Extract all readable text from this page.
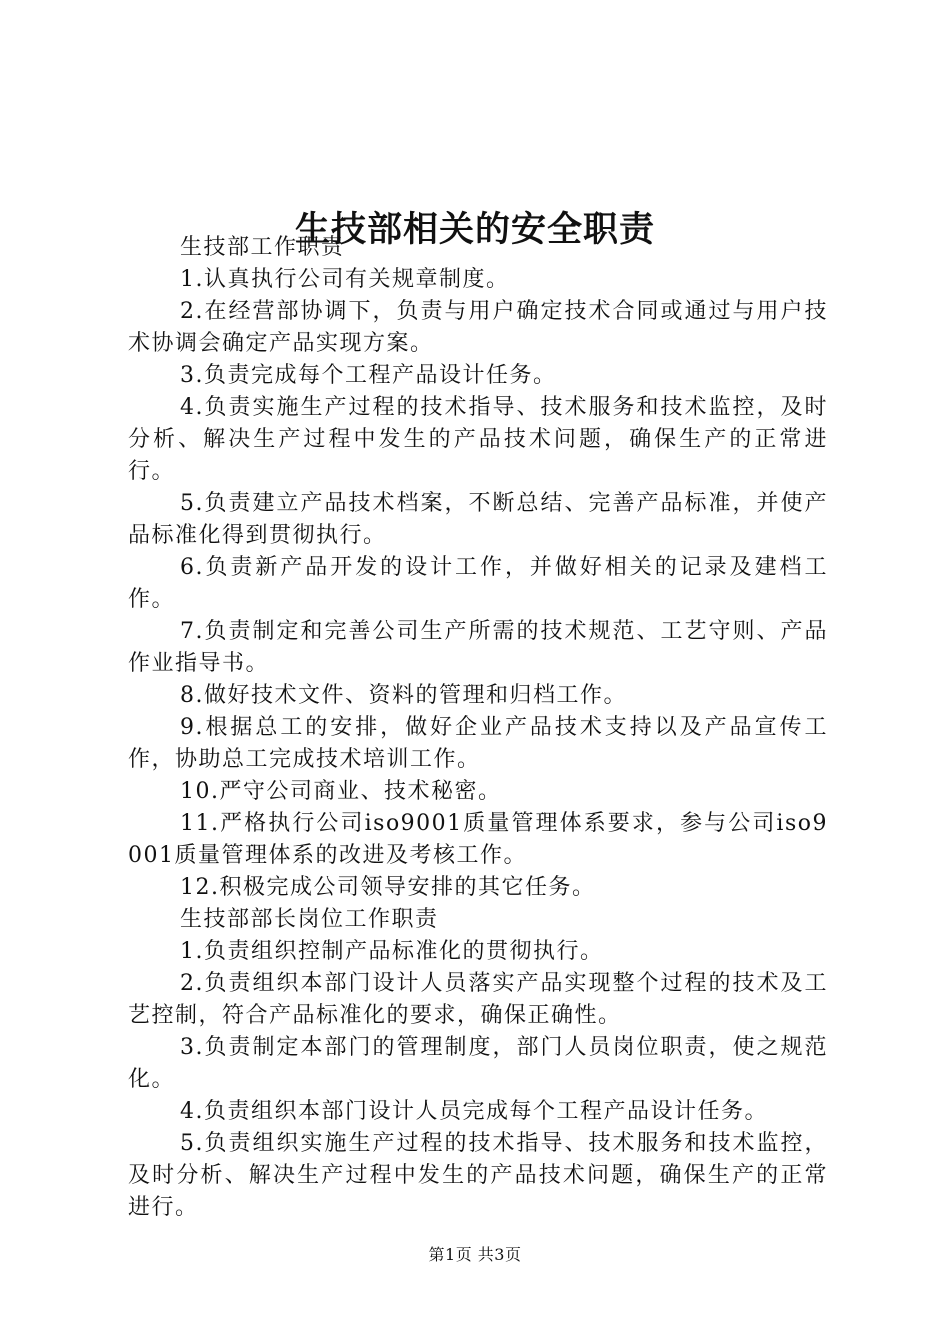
生技部相关的安全职责

生技部工作职责

1.认真执行公司有关规章制度。

2.在经营部协调下，负责与用户确定技术合同或通过与用户技术协调会确定产品实现方案。

3.负责完成每个工程产品设计任务。

4.负责实施生产过程的技术指导、技术服务和技术监控，及时分析、解决生产过程中发生的产品技术问题，确保生产的正常进行。

5.负责建立产品技术档案，不断总结、完善产品标准，并使产品标准化得到贯彻执行。

6.负责新产品开发的设计工作，并做好相关的记录及建档工作。

7.负责制定和完善公司生产所需的技术规范、工艺守则、产品作业指导书。

8.做好技术文件、资料的管理和归档工作。

9.根据总工的安排，做好企业产品技术支持以及产品宣传工作，协助总工完成技术培训工作。

10.严守公司商业、技术秘密。

11.严格执行公司iso9001质量管理体系要求，参与公司iso9001质量管理体系的改进及考核工作。

12.积极完成公司领导安排的其它任务。

生技部部长岗位工作职责

1.负责组织控制产品标准化的贯彻执行。

2.负责组织本部门设计人员落实产品实现整个过程的技术及工艺控制，符合产品标准化的要求，确保正确性。

3.负责制定本部门的管理制度，部门人员岗位职责，使之规范化。

4.负责组织本部门设计人员完成每个工程产品设计任务。

5.负责组织实施生产过程的技术指导、技术服务和技术监控，及时分析、解决生产过程中发生的产品技术问题，确保生产的正常进行。

第1页 共3页
